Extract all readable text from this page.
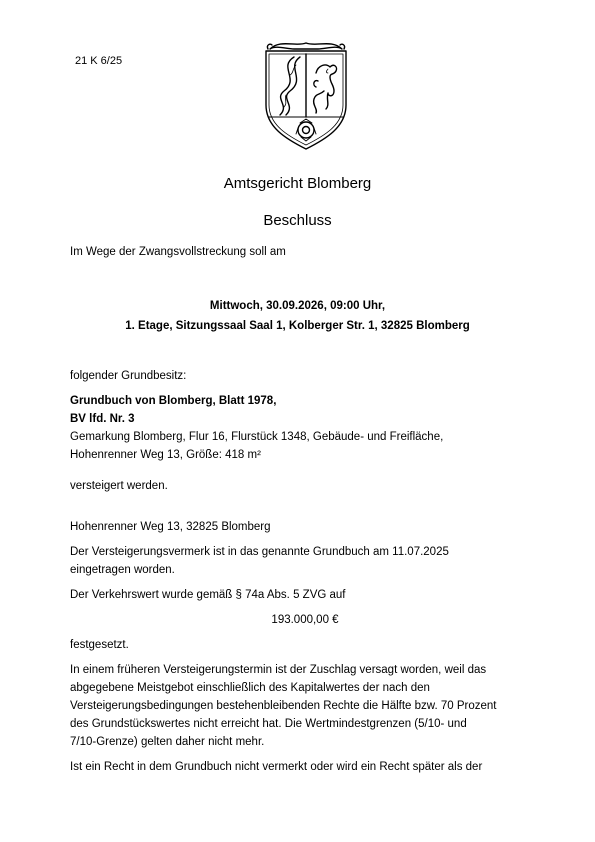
21 K 6/25
Amtsgericht Blomberg
Beschluss
Im Wege der Zwangsvollstreckung soll am
Mittwoch, 30.09.2026, 09:00 Uhr,
1. Etage, Sitzungssaal Saal 1, Kolberger Str. 1, 32825 Blomberg

folgender Grundbesitz:

Grundbuch von Blomberg, Blatt 1978,

BV lfd. Nr. 3

Gemarkung Blomberg, Flur 16, Flurstück 1348, Gebäude- und Freifläche,

Hohenrenner Weg 13, Größe: 418 m²

versteigert werden.

Hohenrenner Weg 13, 32825 Blomberg

Der Versteigerungsvermerk ist in das genannte Grundbuch am 11.07.2025

eingetragen worden.

Der Verkehrswert wurde gemäß § 74a Abs. 5 ZVG auf

193.000,00 €

festgesetzt.

In einem früheren Versteigerungstermin ist der Zuschlag versagt worden, weil das

abgegebene Meistgebot einschließlich des Kapitalwertes der nach den

Versteigerungsbedingungen bestehenbleibenden Rechte die Hälfte bzw. 70 Prozent

des Grundstückswertes nicht erreicht hat. Die Wertmindestgrenzen (5/10- und

7/10-Grenze) gelten daher nicht mehr.

Ist ein Recht in dem Grundbuch nicht vermerkt oder wird ein Recht später als der
